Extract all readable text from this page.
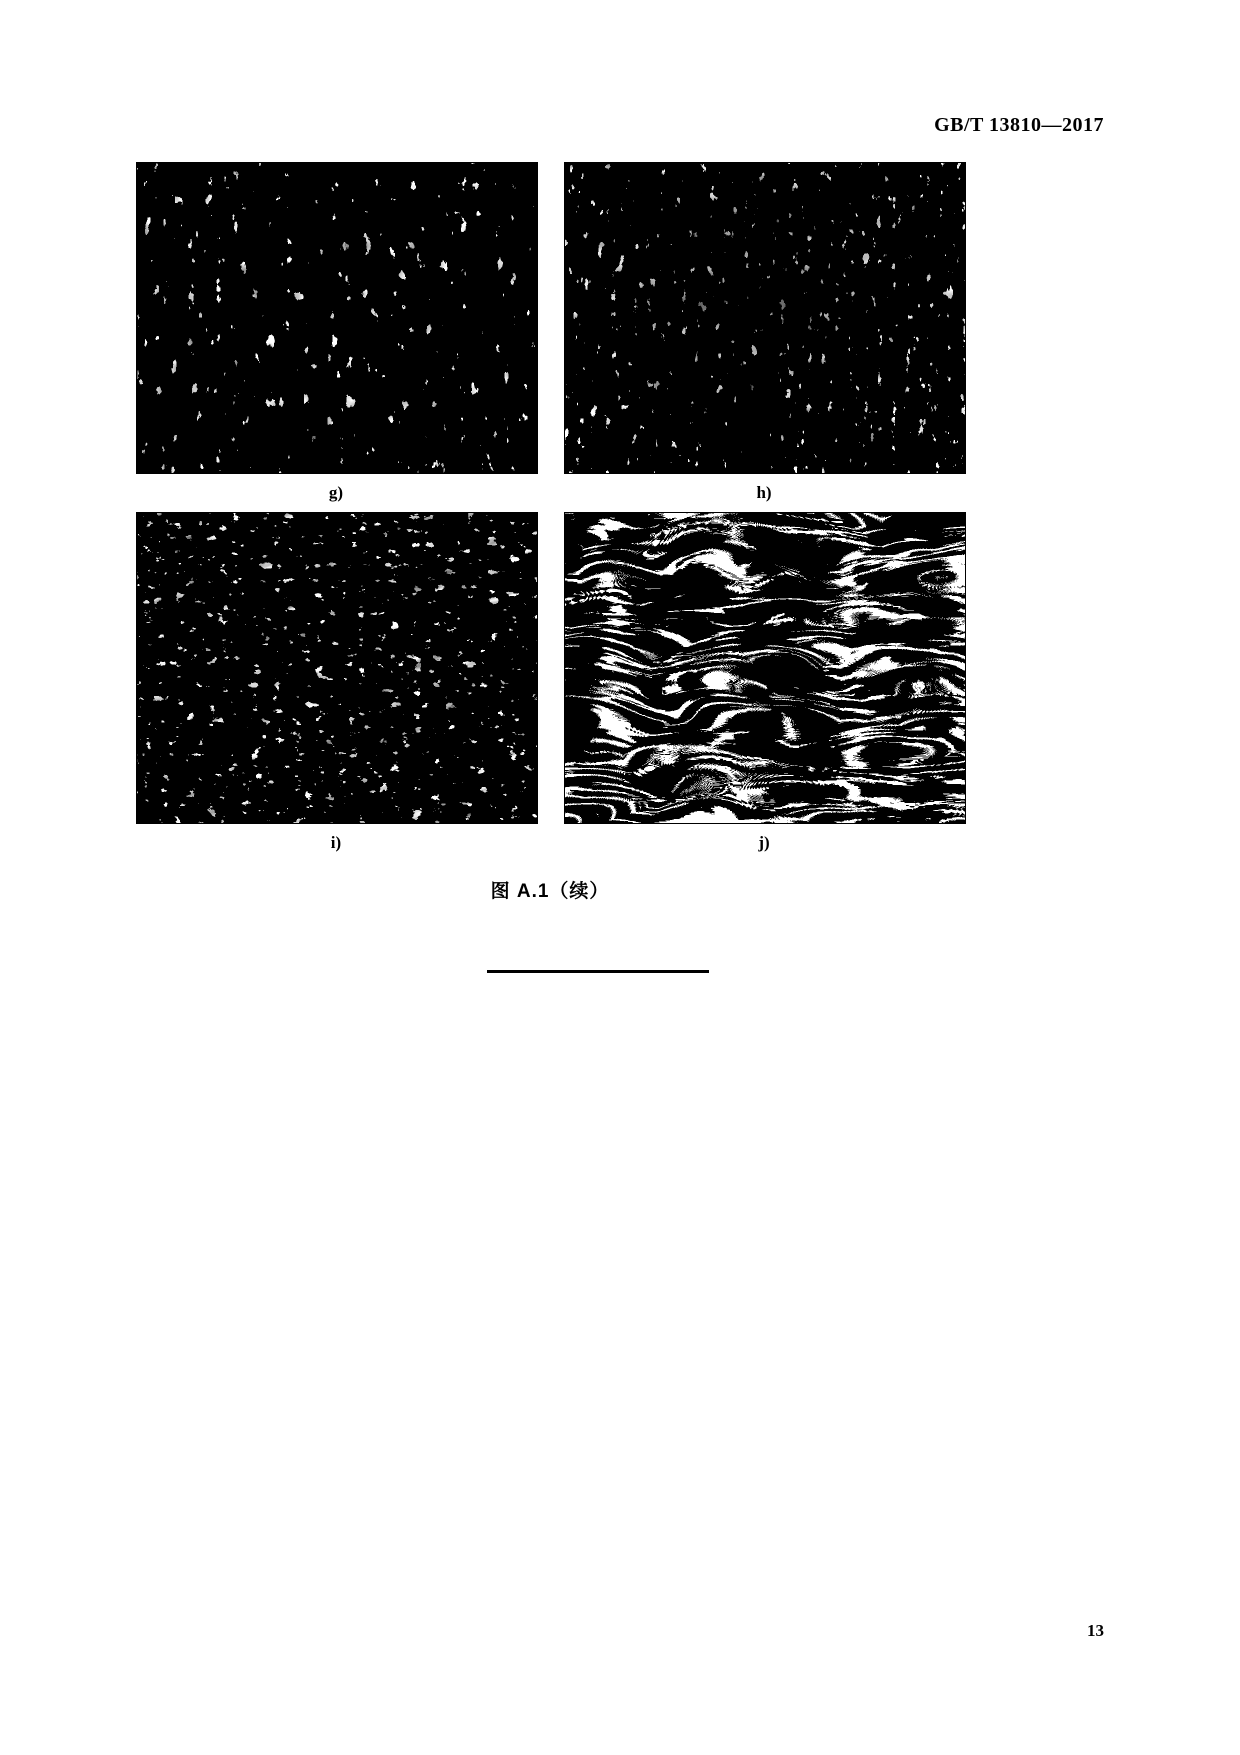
GB/T 13810—2017
g)	h)
i)	j)
图 A.1（续）
13
